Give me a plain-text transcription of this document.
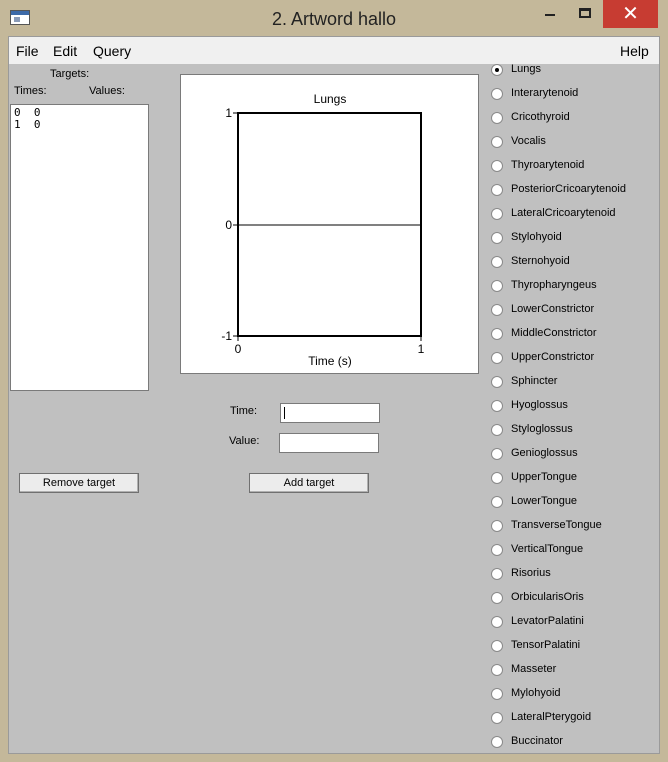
2. Artword hallo	✕
File Edit Query	Help
Targets:
Times:	Values:
0  0
1  0
Lungs
1
0
-1
0	1
Time (s)
Time:
Value:
Remove target	Add target
Lungs
Interarytenoid
Cricothyroid
Vocalis
Thyroarytenoid
PosteriorCricoarytenoid
LateralCricoarytenoid
Stylohyoid
Sternohyoid
Thyropharyngeus
LowerConstrictor
MiddleConstrictor
UpperConstrictor
Sphincter
Hyoglossus
Styloglossus
Genioglossus
UpperTongue
LowerTongue
TransverseTongue
VerticalTongue
Risorius
OrbicularisOris
LevatorPalatini
TensorPalatini
Masseter
Mylohyoid
LateralPterygoid
Buccinator
